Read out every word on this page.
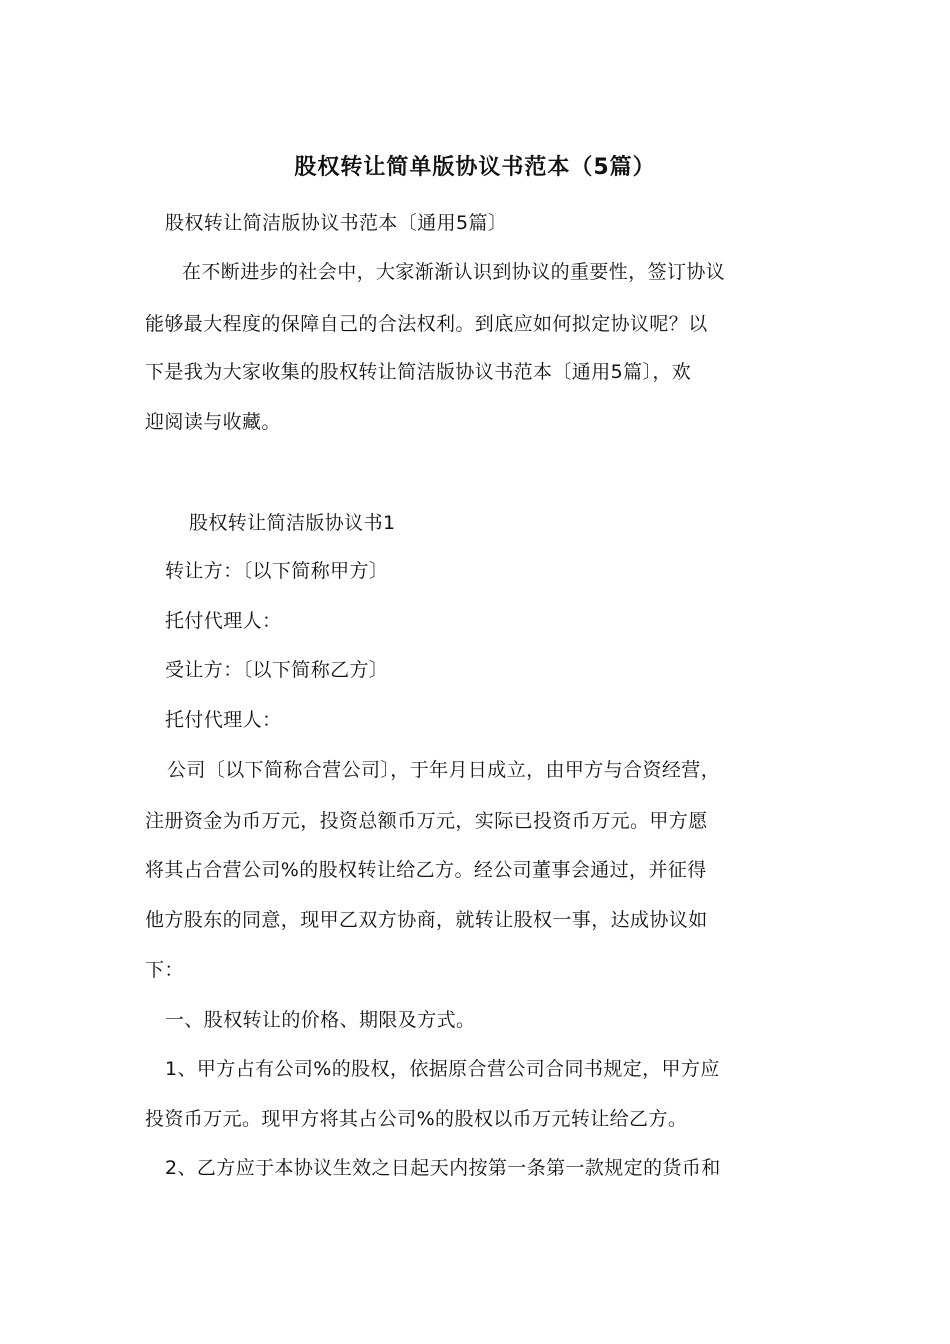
股权转让简单版协议书范本（5篇）
股权转让简洁版协议书范本〔通用5篇〕
在不断进步的社会中，大家渐渐认识到协议的重要性，签订协议
能够最大程度的保障自己的合法权利。到底应如何拟定协议呢？以
下是我为大家收集的股权转让简洁版协议书范本〔通用5篇〕，欢
迎阅读与收藏。
股权转让简洁版协议书1
转让方：〔以下简称甲方〕
托付代理人：
受让方：〔以下简称乙方〕
托付代理人：
公司〔以下简称合营公司〕，于年月日成立，由甲方与合资经营，
注册资金为币万元，投资总额币万元，实际已投资币万元。甲方愿
将其占合营公司%的股权转让给乙方。经公司董事会通过，并征得
他方股东的同意，现甲乙双方协商，就转让股权一事，达成协议如
下：
一、股权转让的价格、期限及方式。
1、甲方占有公司%的股权，依据原合营公司合同书规定，甲方应
投资币万元。现甲方将其占公司%的股权以币万元转让给乙方。
2、乙方应于本协议生效之日起天内按第一条第一款规定的货币和
